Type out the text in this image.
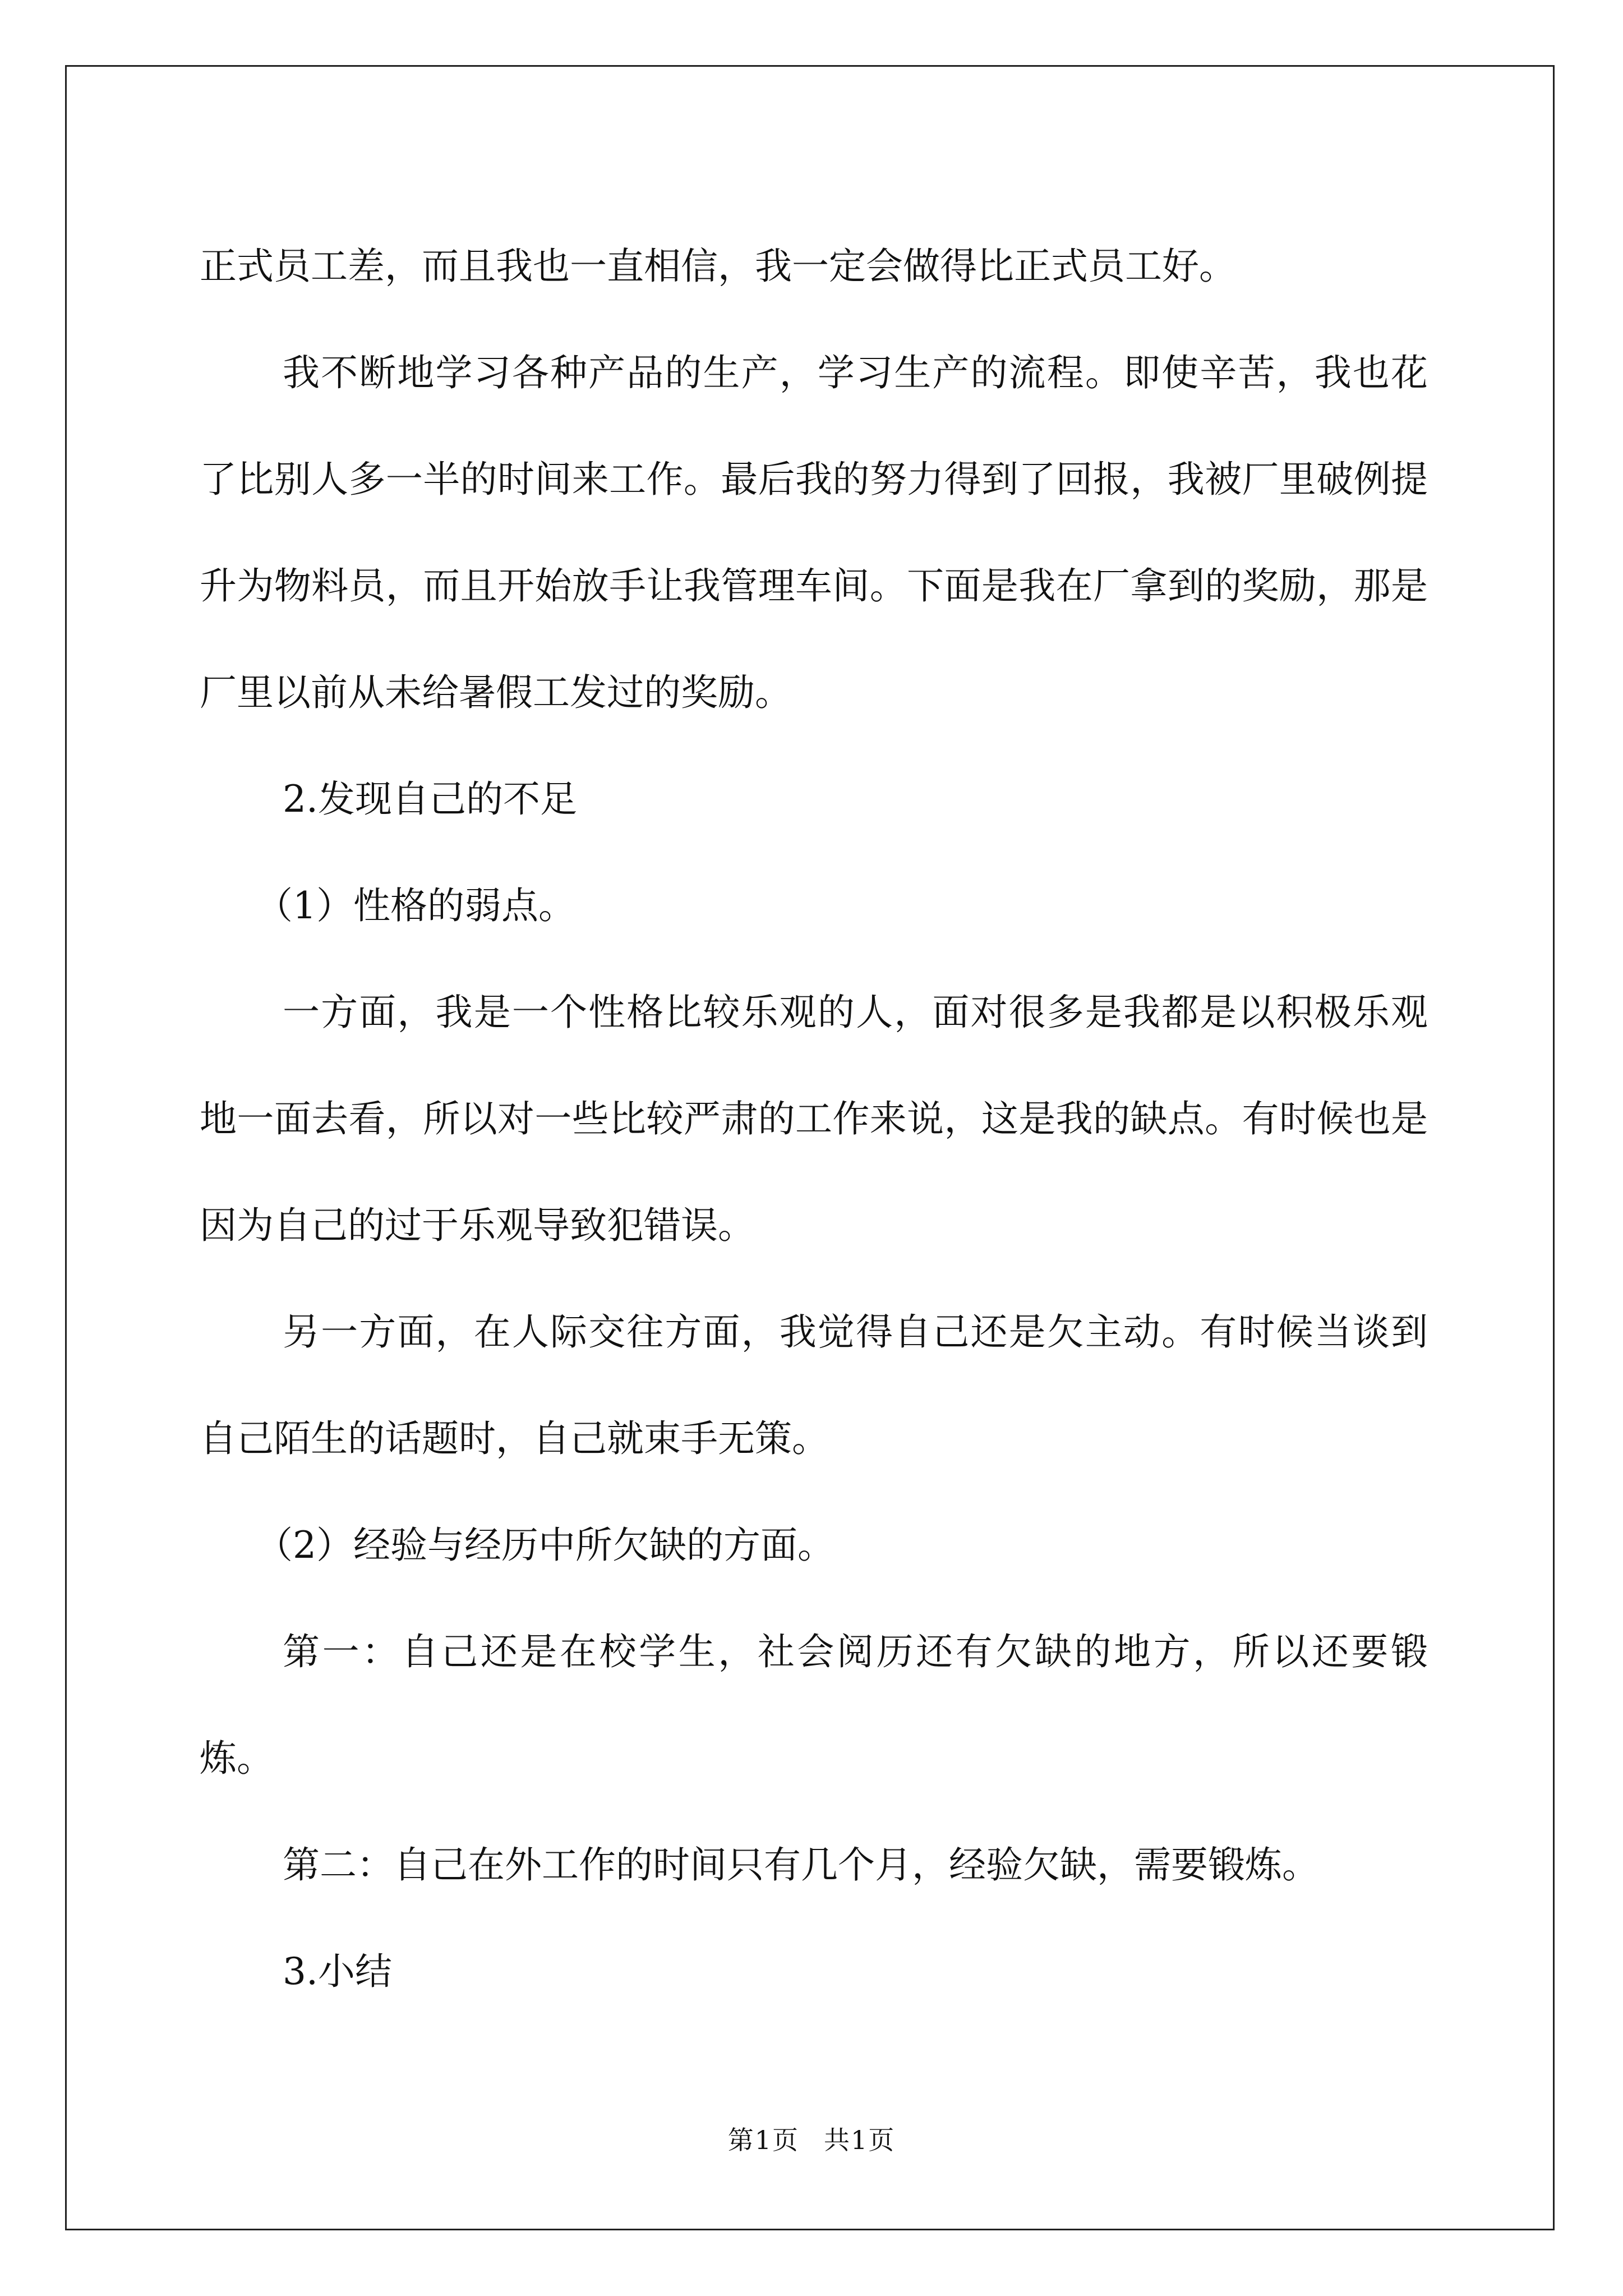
正式员工差，而且我也一直相信，我一定会做得比正式员工好。

我不断地学习各种产品的生产，学习生产的流程。即使辛苦，我也花了比别人多一半的时间来工作。最后我的努力得到了回报，我被厂里破例提升为物料员，而且开始放手让我管理车间。下面是我在厂拿到的奖励，那是厂里以前从未给暑假工发过的奖励。

2.发现自己的不足

（1）性格的弱点。

一方面，我是一个性格比较乐观的人，面对很多是我都是以积极乐观地一面去看，所以对一些比较严肃的工作来说，这是我的缺点。有时候也是因为自己的过于乐观导致犯错误。

另一方面，在人际交往方面，我觉得自己还是欠主动。有时候当谈到自己陌生的话题时，自己就束手无策。

（2）经验与经历中所欠缺的方面。

第一：自己还是在校学生，社会阅历还有欠缺的地方，所以还要锻炼。

第二：自己在外工作的时间只有几个月，经验欠缺，需要锻炼。

3.小结

第1页 共1页
